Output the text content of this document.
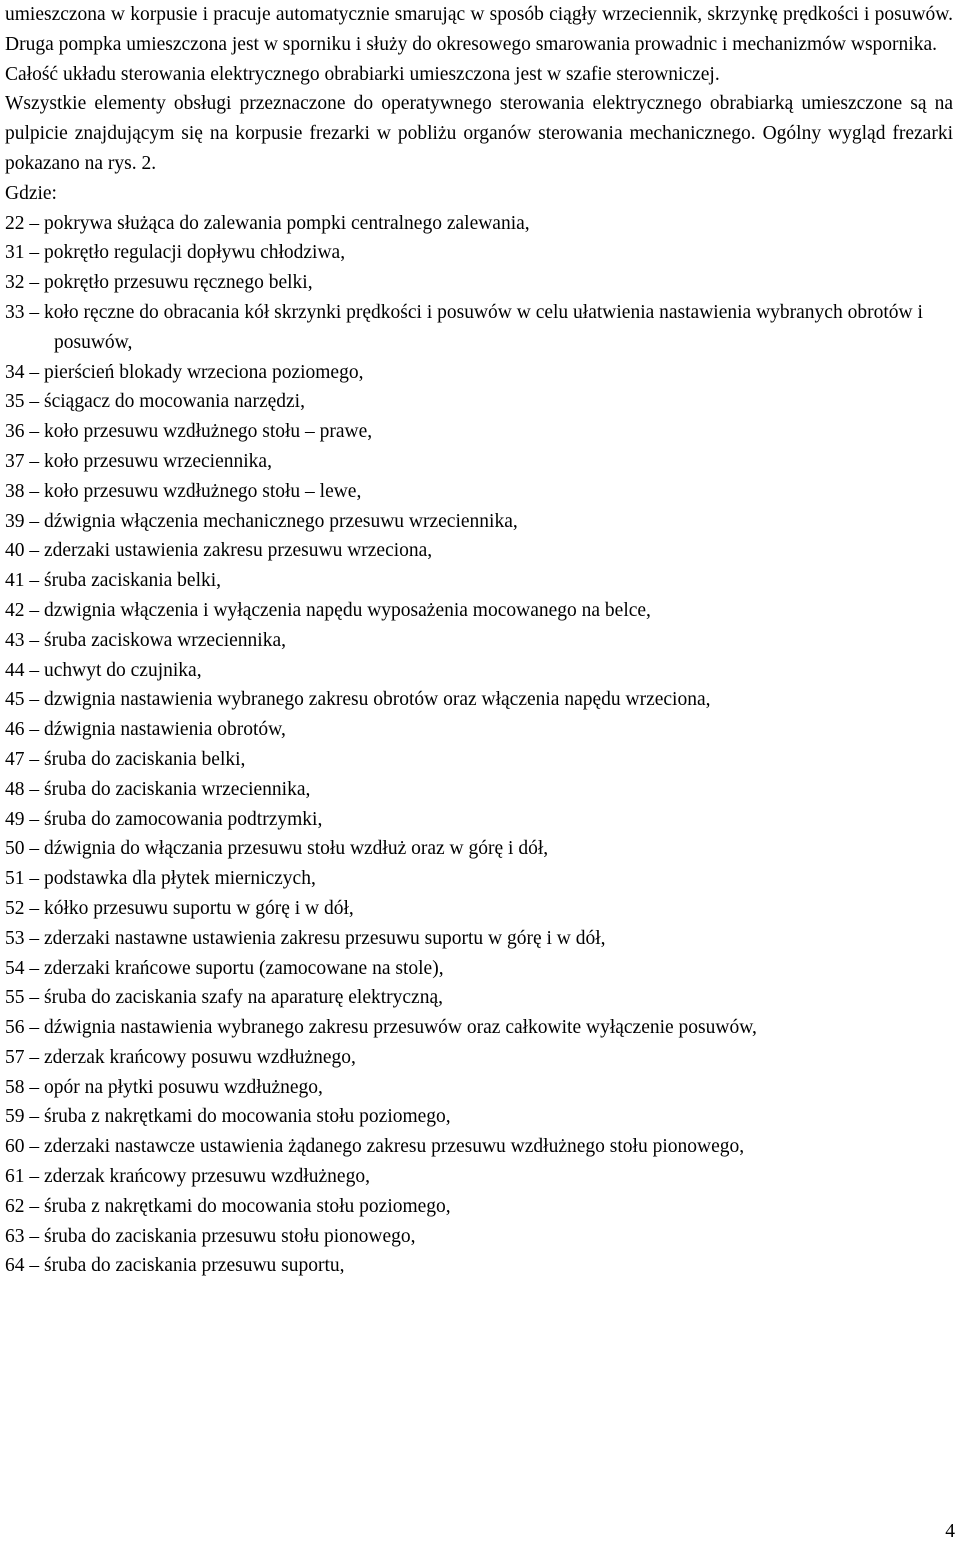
umieszczona w korpusie i pracuje automatycznie smarując w sposób ciągły wrzeciennik, skrzynkę prędkości i posuwów. Druga pompka umieszczona jest w sporniku i służy do okresowego smarowania prowadnic i mechanizmów wspornika.

Całość układu sterowania elektrycznego obrabiarki umieszczona jest w szafie sterowniczej.

Wszystkie elementy obsługi przeznaczone do operatywnego sterowania elektrycznego obrabiarką umieszczone są na pulpicie znajdującym się na korpusie frezarki w pobliżu organów sterowania mechanicznego. Ogólny wygląd frezarki pokazano na rys. 2.

Gdzie:

22 – pokrywa służąca do zalewania pompki centralnego zalewania,
31 – pokrętło regulacji dopływu chłodziwa,
32 – pokrętło przesuwu ręcznego belki,
33 – koło ręczne do obracania kół skrzynki prędkości i posuwów w celu ułatwienia nastawienia wybranych obrotów i posuwów,
34 – pierścień blokady wrzeciona poziomego,
35 – ściągacz do mocowania narzędzi,
36 – koło przesuwu wzdłużnego stołu – prawe,
37 – koło przesuwu wrzeciennika,
38 – koło przesuwu wzdłużnego stołu – lewe,
39 – dźwignia włączenia mechanicznego przesuwu wrzeciennika,
40 – zderzaki ustawienia zakresu przesuwu wrzeciona,
41 – śruba zaciskania belki,
42 – dzwignia włączenia i wyłączenia napędu wyposażenia mocowanego na belce,
43 – śruba zaciskowa wrzeciennika,
44 – uchwyt do czujnika,
45 – dzwignia nastawienia wybranego zakresu obrotów oraz włączenia napędu wrzeciona,
46 – dźwignia nastawienia obrotów,
47 – śruba do zaciskania belki,
48 – śruba do zaciskania wrzeciennika,
49 – śruba do zamocowania podtrzymki,
50 – dźwignia do włączania przesuwu stołu wzdłuż oraz w górę i dół,
51 – podstawka dla płytek mierniczych,
52 – kółko przesuwu suportu w górę i w dół,
53 – zderzaki nastawne ustawienia zakresu przesuwu suportu w górę i w dół,
54 – zderzaki krańcowe suportu (zamocowane na stole),
55 – śruba do zaciskania szafy na aparaturę elektryczną,
56 – dźwignia nastawienia wybranego zakresu przesuwów oraz całkowite wyłączenie posuwów,
57 – zderzak krańcowy posuwu wzdłużnego,
58 – opór na płytki posuwu wzdłużnego,
59 – śruba z nakrętkami do mocowania stołu poziomego,
60 – zderzaki nastawcze ustawienia żądanego zakresu przesuwu wzdłużnego stołu pionowego,
61 – zderzak krańcowy przesuwu wzdłużnego,
62 – śruba z nakrętkami do mocowania stołu poziomego,
63 – śruba do zaciskania przesuwu stołu pionowego,
64 – śruba do zaciskania przesuwu suportu,
4
